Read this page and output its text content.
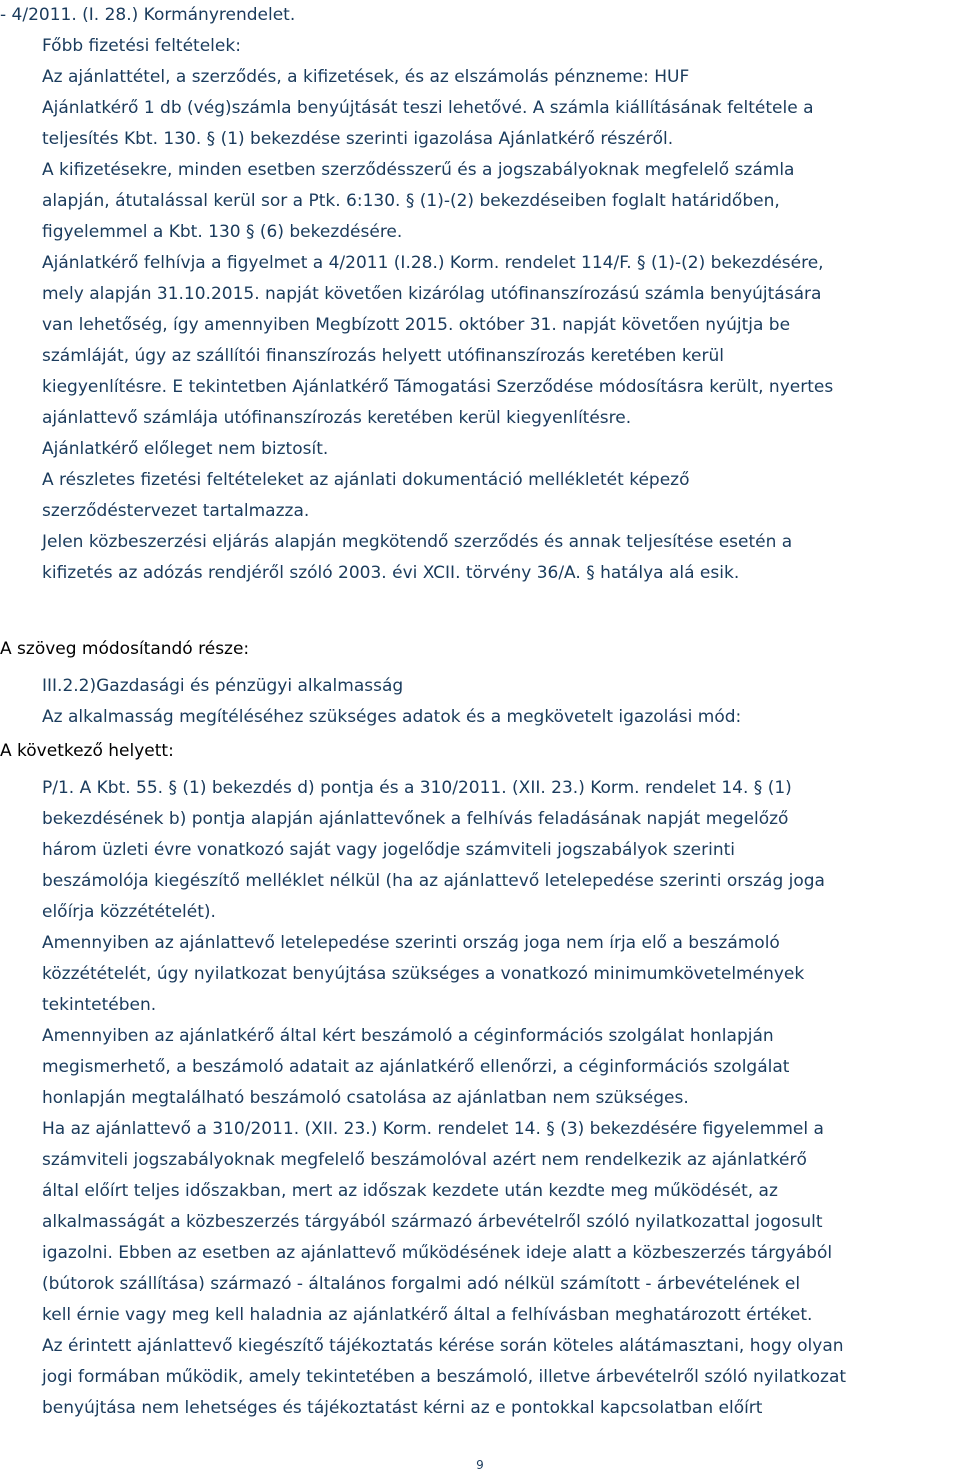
- 4/2011. (I. 28.) Kormányrendelet.
Főbb fizetési feltételek:
Az ajánlattétel, a szerződés, a kifizetések, és az elszámolás pénzneme: HUF
Ajánlatkérő 1 db (vég)számla benyújtását teszi lehetővé. A számla kiállításának feltétele a
teljesítés Kbt. 130. § (1) bekezdése szerinti igazolása Ajánlatkérő részéről.
A kifizetésekre, minden esetben szerződésszerű és a jogszabályoknak megfelelő számla
alapján, átutalással kerül sor a Ptk. 6:130. § (1)-(2) bekezdéseiben foglalt határidőben,
figyelemmel a Kbt. 130 § (6) bekezdésére.
Ajánlatkérő felhívja a figyelmet a 4/2011 (I.28.) Korm. rendelet 114/F. § (1)-(2) bekezdésére,
mely alapján 31.10.2015. napját követően kizárólag utófinanszírozású számla benyújtására
van lehetőség, így amennyiben Megbízott 2015. október 31. napját követően nyújtja be
számláját, úgy az szállítói finanszírozás helyett utófinanszírozás keretében kerül
kiegyenlítésre. E tekintetben Ajánlatkérő Támogatási Szerződése módosításra került, nyertes
ajánlattevő számlája utófinanszírozás keretében kerül kiegyenlítésre.
Ajánlatkérő előleget nem biztosít.
A részletes fizetési feltételeket az ajánlati dokumentáció mellékletét képező
szerződéstervezet tartalmazza.
Jelen közbeszerzési eljárás alapján megkötendő szerződés és annak teljesítése esetén a
kifizetés az adózás rendjéről szóló 2003. évi XCII. törvény 36/A. § hatálya alá esik.
A szöveg módosítandó része:
III.2.2)Gazdasági és pénzügyi alkalmasság
Az alkalmasság megítéléséhez szükséges adatok és a megkövetelt igazolási mód:
A következő helyett:
P/1. A Kbt. 55. § (1) bekezdés d) pontja és a 310/2011. (XII. 23.) Korm. rendelet 14. § (1)
bekezdésének b) pontja alapján ajánlattevőnek a felhívás feladásának napját megelőző
három üzleti évre vonatkozó saját vagy jogelődje számviteli jogszabályok szerinti
beszámolója kiegészítő melléklet nélkül (ha az ajánlattevő letelepedése szerinti ország joga
előírja közzétételét).
Amennyiben az ajánlattevő letelepedése szerinti ország joga nem írja elő a beszámoló
közzétételét, úgy nyilatkozat benyújtása szükséges a vonatkozó minimumkövetelmények
tekintetében.
Amennyiben az ajánlatkérő által kért beszámoló a céginformációs szolgálat honlapján
megismerhető, a beszámoló adatait az ajánlatkérő ellenőrzi, a céginformációs szolgálat
honlapján megtalálható beszámoló csatolása az ajánlatban nem szükséges.
Ha az ajánlattevő a 310/2011. (XII. 23.) Korm. rendelet 14. § (3) bekezdésére figyelemmel a
számviteli jogszabályoknak megfelelő beszámolóval azért nem rendelkezik az ajánlatkérő
által előírt teljes időszakban, mert az időszak kezdete után kezdte meg működését, az
alkalmasságát a közbeszerzés tárgyából származó árbevételről szóló nyilatkozattal jogosult
igazolni. Ebben az esetben az ajánlattevő működésének ideje alatt a közbeszerzés tárgyából
(bútorok szállítása) származó - általános forgalmi adó nélkül számított - árbevételének el
kell érnie vagy meg kell haladnia az ajánlatkérő által a felhívásban meghatározott értéket.
Az érintett ajánlattevő kiegészítő tájékoztatás kérése során köteles alátámasztani, hogy olyan
jogi formában működik, amely tekintetében a beszámoló, illetve árbevételről szóló nyilatkozat
benyújtása nem lehetséges és tájékoztatást kérni az e pontokkal kapcsolatban előírt
9
